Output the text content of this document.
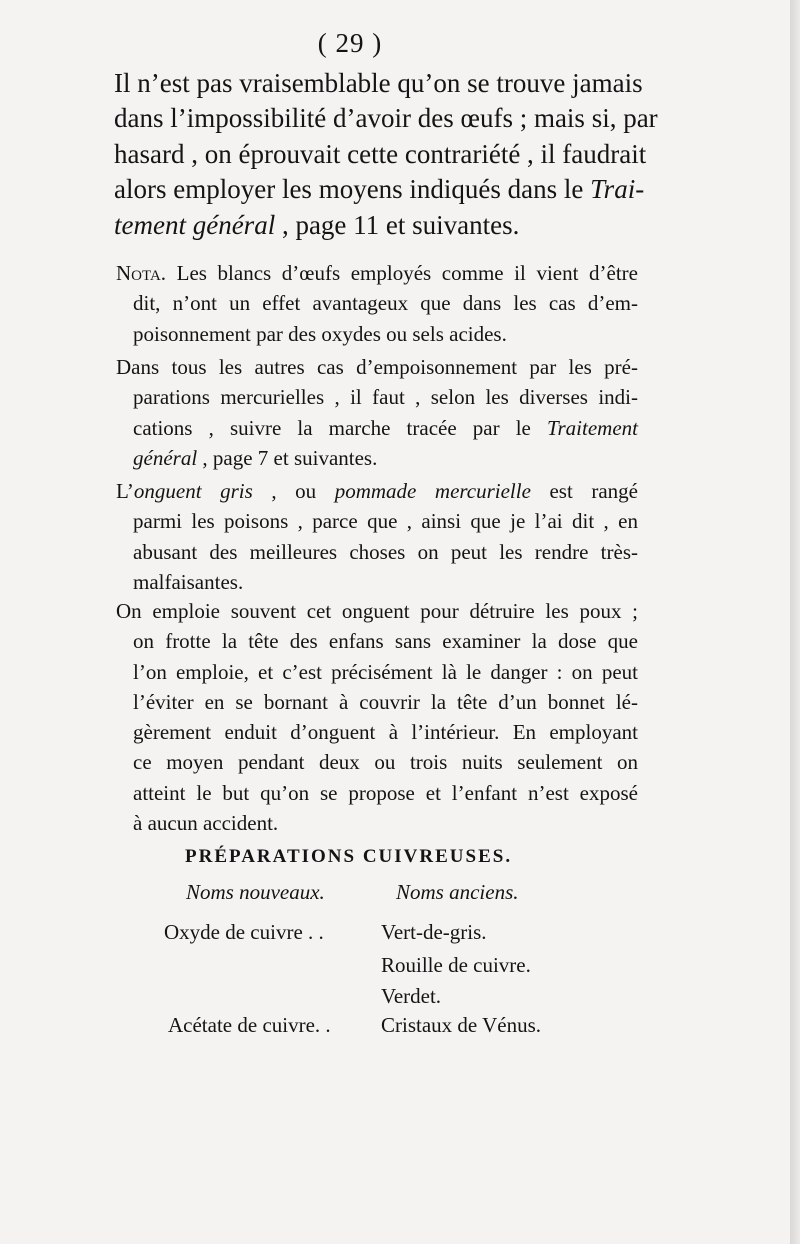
( 29 )
Il n’est pas vraisemblable qu’on se trouve jamais
dans l’impossibilité d’avoir des œufs ; mais si, par
hasard , on éprouvait cette contrariété , il faudrait
alors employer les moyens indiqués dans le Trai-
tement général , page 11 et suivantes.
Nota. Les blancs d’œufs employés comme il vient d’être
dit, n’ont un effet avantageux que dans les cas d’em-
poisonnement par des oxydes ou sels acides.
Dans tous les autres cas d’empoisonnement par les pré-
parations mercurielles , il faut , selon les diverses indi-
cations , suivre la marche tracée par le Traitement
général , page 7 et suivantes.
L’onguent gris , ou pommade mercurielle est rangé
parmi les poisons , parce que , ainsi que je l’ai dit , en
abusant des meilleures choses on peut les rendre très-
malfaisantes.
On emploie souvent cet onguent pour détruire les poux ;
on frotte la tête des enfans sans examiner la dose que
l’on emploie, et c’est précisément là le danger : on peut
l’éviter en se bornant à couvrir la tête d’un bonnet lé-
gèrement enduit d’onguent à l’intérieur. En employant
ce moyen pendant deux ou trois nuits seulement on
atteint le but qu’on se propose et l’enfant n’est exposé
à aucun accident.
PRÉPARATIONS CUIVREUSES.
Noms nouveaux.	Noms anciens.
Oxyde de cuivre . .	Vert-de-gris.
Rouille de cuivre.
Verdet.
Acétate de cuivre. . Cristaux de Vénus.
